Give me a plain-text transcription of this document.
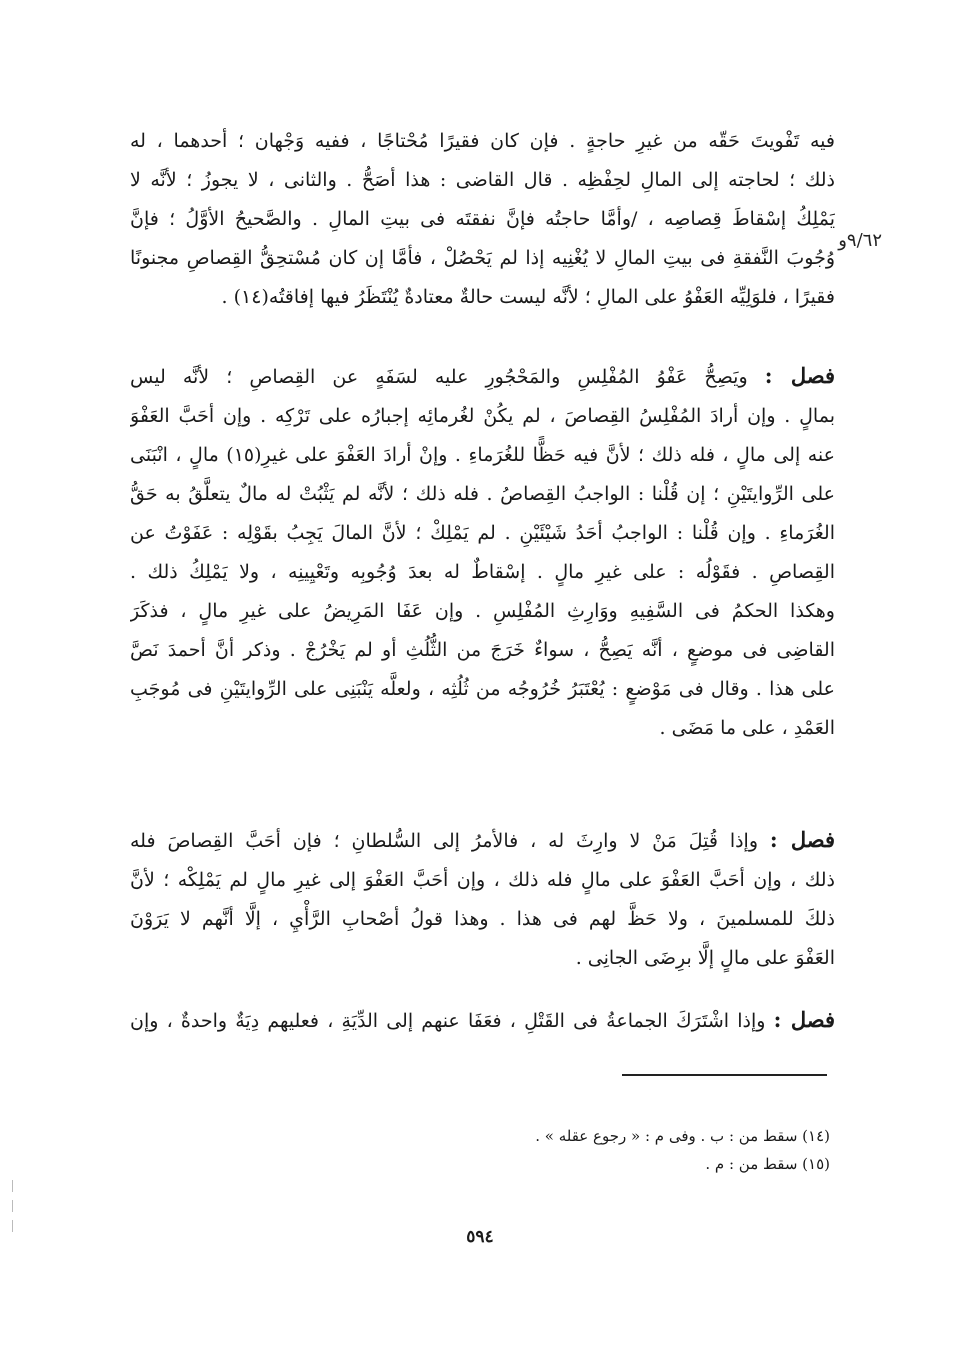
٩/٦٢و
فيه تَفْويتَ حَقّه من غيرِ حاجةٍ . فإن كان فقيرًا مُحْتاجًا ، ففيه وَجْهان ؛ أحدهما ، له
ذلك ؛ لحاجته إلى المالِ لحِفْظِه . قال القاضى : هذا أصَحُّ . والثانى ، لا يجوزُ ؛ لأنَّه لا
يَمْلِكُ إسْقاطَ قِصاصِه ، /وأمَّا حاجتُه فإنَّ نفقتَه فى بيتِ المالِ . والصَّحيحُ الأوَّلُ ؛ فإنَّ
وُجُوبَ النَّفقةِ فى بيتِ المالِ لا يُغْنِيه إذا لم يَحْصُلْ ، فأمَّا إن كان مُسْتحِقُّ القِصاصِ مجنونًا
فقيرًا ، فلوَلِيِّه العَفْوُ على المالِ ؛ لأنَّه ليست حالةٌ معتادةٌ يُنْتَظَرُ فيها إفاقتُه(١٤) .
فصل : ويَصِحُّ عَفْوُ المُفْلِسِ والمَحْجُورِ عليه لسَفَهٍ عن القِصاصِ ؛ لأنَّه ليس
بمالٍ . وإن أرادَ المُفْلِسُ القِصاصَ ، لم يكُنْ لغُرمائِه إجبارُه على تَرْكِه . وإن أحَبَّ العَفْوَ
عنه إلى مالٍ ، فله ذلك ؛ لأنَّ فيه حَظًّا للغُرَماءِ . وإنْ أرادَ العَفْوَ على غيرِ(١٥) مالٍ ، انْبَنَى
على الرِّوايتَيْنِ ؛ إن قُلْنا : الواجبُ القِصاصُ . فله ذلك ؛ لأنَّه لم يَثْبُتْ له مالٌ يتعلَّقُ به حَقُّ
الغُرَماءِ . وإن قُلْنا : الواجبُ أحَدُ شَيْئَيْنِ . لم يَمْلِكْ ؛ لأنَّ المالَ يَجِبُ بقَوْلِه : عَفَوْتُ عن
القِصاصِ . فقَوْلُه : على غيرِ مالٍ . إسْقاطٌ له بعدَ وُجُوبِه وتَعْيِينِه ، ولا يَمْلِكُ ذلك .
وهكذا الحكمُ فى السَّفِيهِ ووَارِثِ المُفْلِسِ . وإن عَفَا المَرِيضُ على غيرِ مالٍ ، فذكَرَ
القاضِى فى موضعٍ ، أنَّه يَصِحُّ ، سواءٌ خَرَجَ من الثُّلُثِ أو لم يَخْرُجْ . وذكر أنَّ أحمدَ نَصَّ
على هذا . وقال فى مَوْضعٍ : يُعْتَبَرُ خُرُوجُه من ثُلُثِه ، ولعلَّه يَنْبَنِى على الرِّوايتَيْنِ فى مُوجَبِ
العَمْدِ ، على ما مَضَى .
فصل : وإذا قُتِلَ مَنْ لا وارِثَ له ، فالأمرُ إلى السُّلطانِ ؛ فإن أحَبَّ القِصاصَ فله
ذلك ، وإن أحَبَّ العَفْوَ على مالٍ فله ذلك ، وإن أحَبَّ العَفْوَ إلى غيرِ مالٍ لم يَمْلِكْه ؛ لأنَّ
ذلكَ للمسلمينَ ، ولا حَظَّ لهم فى هذا . وهذا قولُ أصْحابِ الرَّأْيِ ، إلَّا أنَّهم لا يَرَوْنَ
العَفْوَ على مالٍ إلَّا برِضَى الجانِى .
فصل : وإذا اشْتَرَكَ الجماعةُ فى القَتْلِ ، فعَفَا عنهم إلى الدِّيَةِ ، فعليهم دِيَةٌ واحدةٌ ، وإن
(١٤) سقط من : ب . وفى م : « رجوع عقله » .
(١٥) سقط من : م .
٥٩٤
